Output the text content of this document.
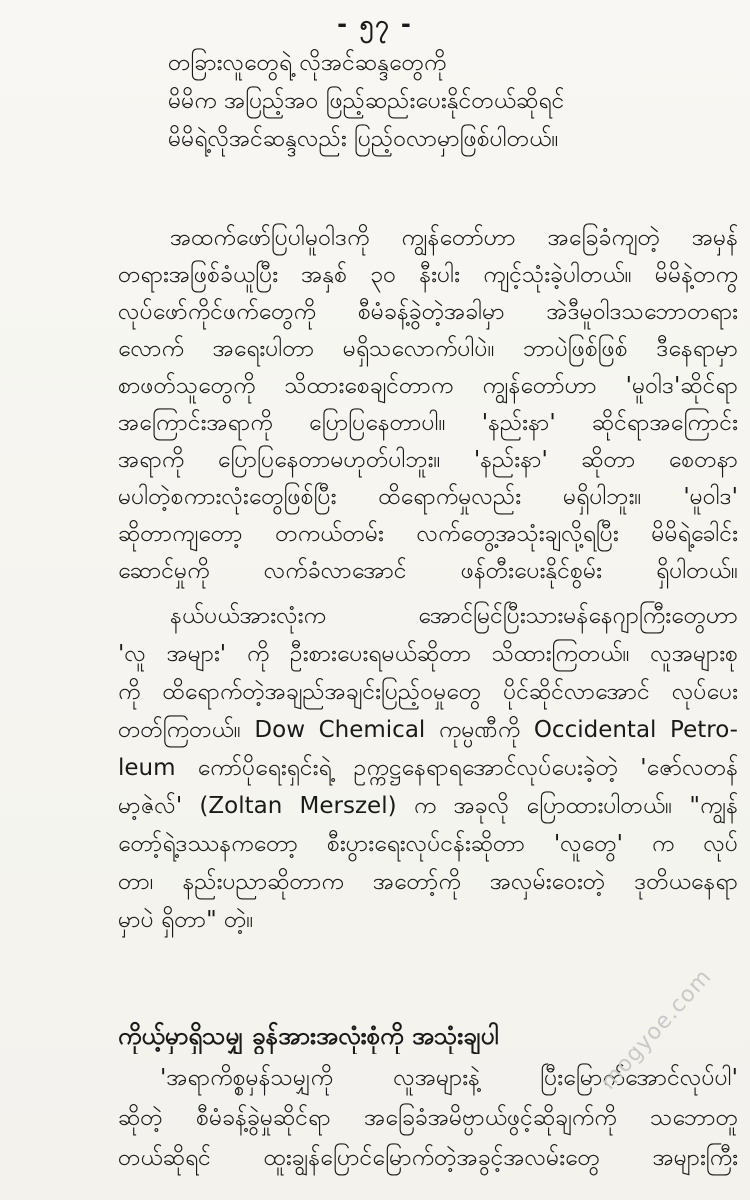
- ၅၇ -
တခြားလူတွေရဲ့ လိုအင်ဆန္ဒတွေကို
မိမိက အပြည့်အဝ ဖြည့်ဆည်းပေးနိုင်တယ်ဆိုရင်
မိမိရဲ့လိုအင်ဆန္ဒလည်း ပြည့်ဝလာမှာဖြစ်ပါတယ်။
အထက်ဖော်ပြပါမူဝါဒကို ကျွန်တော်ဟာ အခြေခံကျတဲ့ အမှန်
တရားအဖြစ်ခံယူပြီး အနှစ် ၃၀ နီးပါး ကျင့်သုံးခဲ့ပါတယ်။ မိမိနဲ့တကွ
လုပ်ဖော်ကိုင်ဖက်တွေကို စီမံခန့်ခွဲတဲ့အခါမှာ အဲဒီမူဝါဒသဘောတရား
လောက် အရေးပါတာ မရှိသလောက်ပါပဲ။ ဘာပဲဖြစ်ဖြစ် ဒီနေရာမှာ
စာဖတ်သူတွေကို သိထားစေချင်တာက ကျွန်တော်ဟာ 'မူဝါဒ'ဆိုင်ရာ
အကြောင်းအရာကို ပြောပြနေတာပါ။ 'နည်းနာ' ဆိုင်ရာအကြောင်း
အရာကို ပြောပြနေတာမဟုတ်ပါဘူး။ 'နည်းနာ' ဆိုတာ စေတနာ
မပါတဲ့စကားလုံးတွေဖြစ်ပြီး ထိရောက်မှုလည်း မရှိပါဘူး။ 'မူဝါဒ'
ဆိုတာကျတော့ တကယ်တမ်း လက်တွေ့အသုံးချလို့ရပြီး မိမိရဲ့ခေါင်း
ဆောင်မှုကို လက်ခံလာအောင် ဖန်တီးပေးနိုင်စွမ်း ရှိပါတယ်။
နယ်ပယ်အားလုံးက အောင်မြင်ပြီးသားမန်နေဂျာကြီးတွေဟာ
'လူ အများ' ကို ဦးစားပေးရမယ်ဆိုတာ သိထားကြတယ်။ လူအများစု
ကို ထိရောက်တဲ့အချည်အချင်းပြည့်ဝမှုတွေ ပိုင်ဆိုင်လာအောင် လုပ်ပေး
တတ်ကြတယ်။ Dow Chemical ကုမ္ပဏီကို Occidental Petro-
leum ကော်ပိုရေးရှင်းရဲ့ ဥက္ကဋ္ဌနေရာရအောင်လုပ်ပေးခဲ့တဲ့ 'ဇော်လတန်
မာ့ဇဲလ်' (Zoltan Merszel) က အခုလို ပြောထားပါတယ်။ "ကျွန်
တော့်ရဲ့ဒဿနကတော့ စီးပွားရေးလုပ်ငန်းဆိုတာ 'လူတွေ' က လုပ်
တာ၊ နည်းပညာဆိုတာက အတော့်ကို အလှမ်းဝေးတဲ့ ဒုတိယနေရာ
မှာပဲ ရှိတာ" တဲ့။
ကိုယ့်မှာရှိသမျှ ခွန်အားအလုံးစုံကို အသုံးချပါ
'အရာကိစ္စမှန်သမျှကို လူအများနဲ့ ပြီးမြောက်အောင်လုပ်ပါ'
ဆိုတဲ့ စီမံခန့်ခွဲမှုဆိုင်ရာ အခြေခံအမိဗ္ပာယ်ဖွင့်ဆိုချက်ကို သဘောတူ
တယ်ဆိုရင် ထူးချွန်ပြောင်မြောက်တဲ့အခွင့်အလမ်းတွေ အများကြီး
mogyoe.com
